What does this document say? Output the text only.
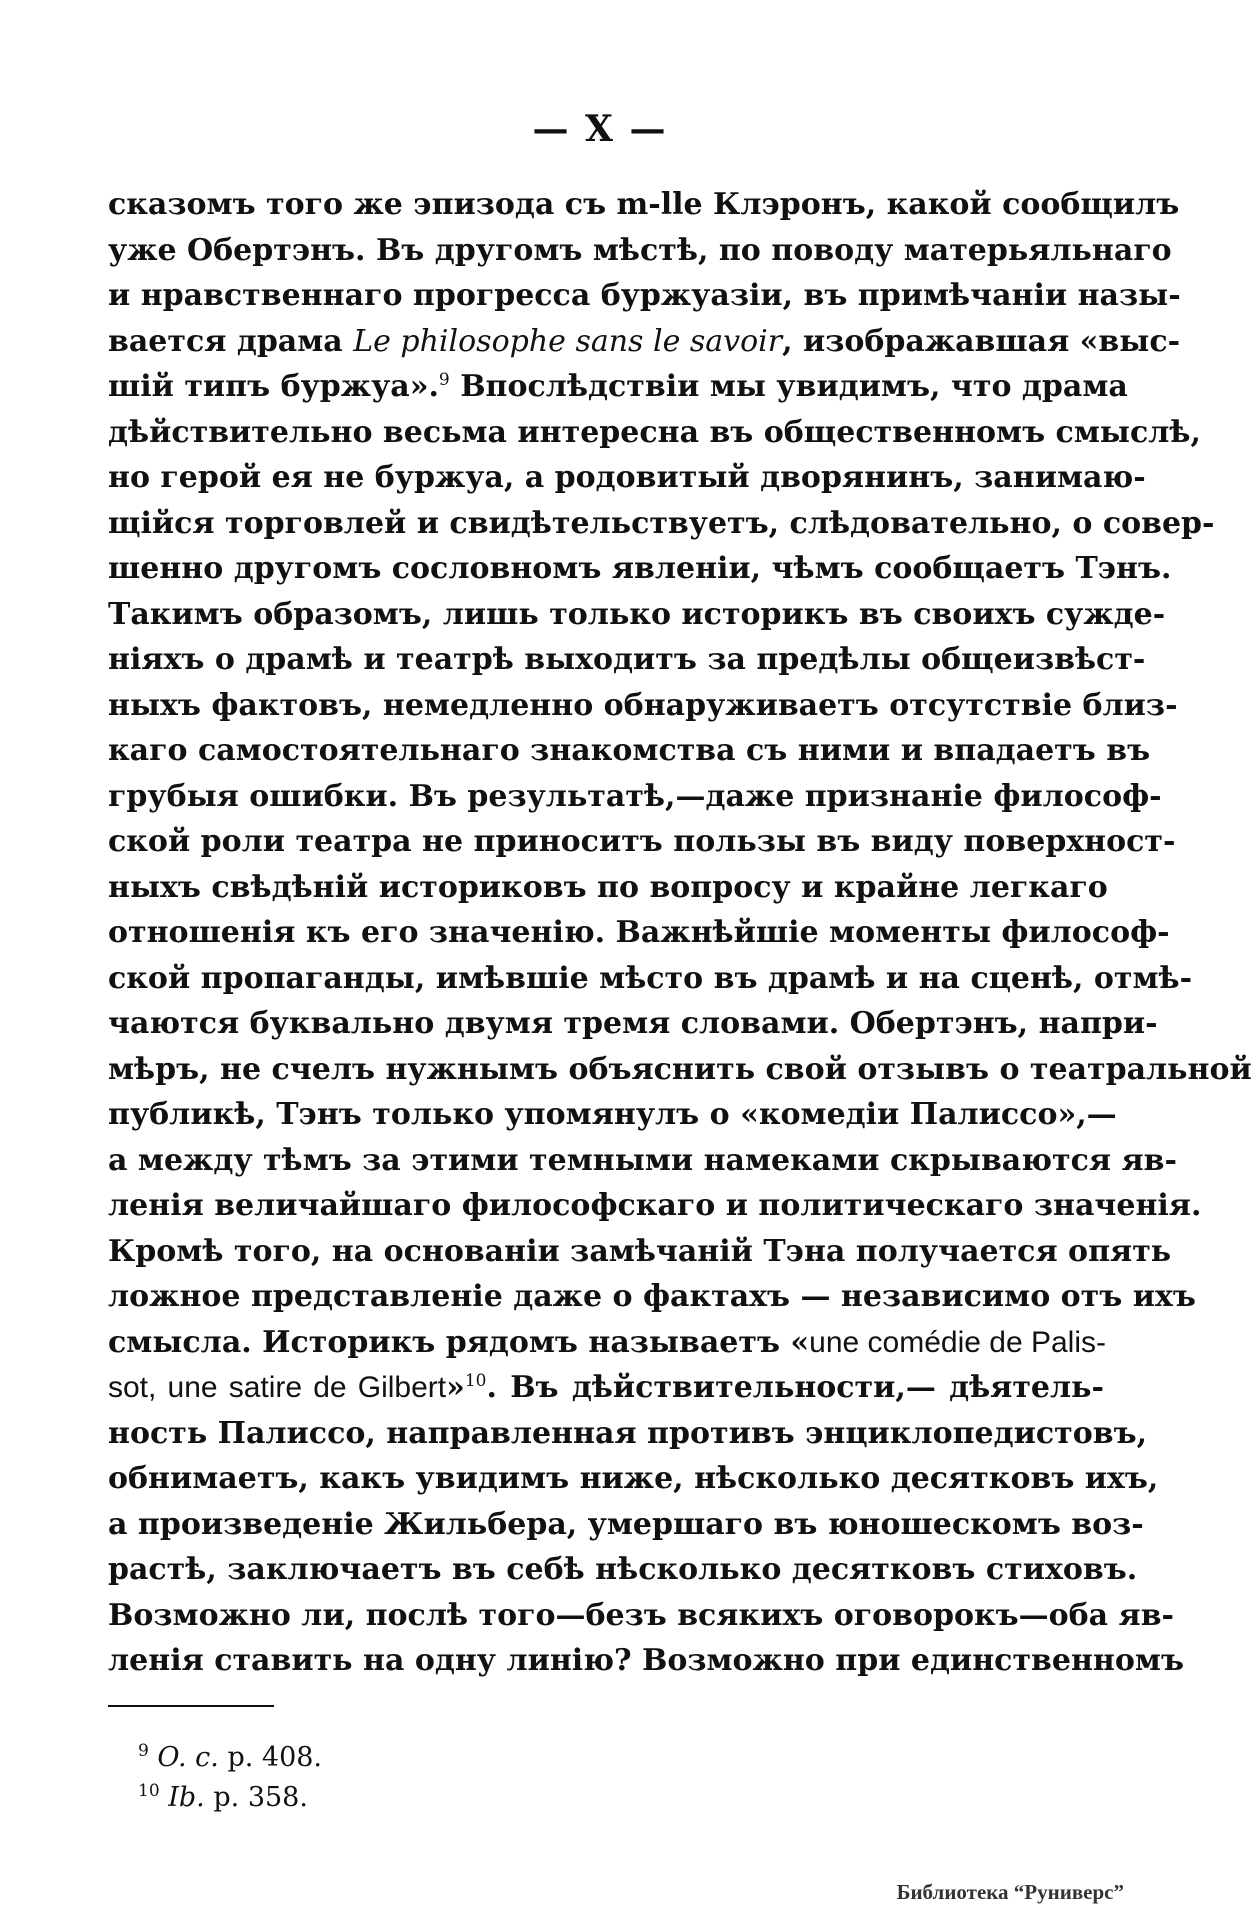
— X —
сказомъ того же эпизода съ m-lle Клэронъ, какой сообщилъ
уже Обертэнъ. Въ другомъ мѣстѣ, по поводу матерьяльнаго
и нравственнаго прогресса буржуазіи, въ примѣчаніи назы-
вается драма Le philosophe sans le savoir, изображавшая «выс-
шій типъ буржуа».$^9$ Впослѣдствіи мы увидимъ, что драма
дѣйствительно весьма интересна въ общественномъ смыслѣ,
но герой ея не буржуа, а родовитый дворянинъ, занимаю-
щійся торговлей и свидѣтельствуетъ, слѣдовательно, о совер-
шенно другомъ сословномъ явленіи, чѣмъ сообщаетъ Тэнъ.
Такимъ образомъ, лишь только историкъ въ своихъ сужде-
ніяхъ о драмѣ и театрѣ выходитъ за предѣлы общеизвѣст-
ныхъ фактовъ, немедленно обнаруживаетъ отсутствіе близ-
каго самостоятельнаго знакомства съ ними и впадаетъ въ
грубыя ошибки. Въ результатѣ,—даже признаніе философ-
ской роли театра не приноситъ пользы въ виду поверхност-
ныхъ свѣдѣній историковъ по вопросу и крайне легкаго
отношенія къ его значенію. Важнѣйшіе моменты философ-
ской пропаганды, имѣвшіе мѣсто въ драмѣ и на сценѣ, отмѣ-
чаются буквально двумя тремя словами. Обертэнъ, напри-
мѣръ, не счелъ нужнымъ объяснить свой отзывъ о театральной
публикѣ, Тэнъ только упомянулъ о «комедіи Палиссо»,—
а между тѣмъ за этими темными намеками скрываются яв-
ленія величайшаго философскаго и политическаго значенія.
Кромѣ того, на основаніи замѣчаній Тэна получается опять
ложное представленіе даже о фактахъ — независимо отъ ихъ
смысла. Историкъ рядомъ называетъ «une comédie de Palis-
sot, une satire de Gilbert»$^{10}$. Въ дѣйствительности,— дѣятель-
ность Палиссо, направленная противъ энциклопедистовъ,
обнимаетъ, какъ увидимъ ниже, нѣсколько десятковъ ихъ,
а произведеніе Жильбера, умершаго въ юношескомъ воз-
растѣ, заключаетъ въ себѣ нѣсколько десятковъ стиховъ.
Возможно ли, послѣ того—безъ всякихъ оговорокъ—оба яв-
ленія ставить на одну линію? Возможно при единственномъ
$^9$ O. c. p. 408.
$^{10}$ Ib. p. 358.
Библиотека “Руниверс”
